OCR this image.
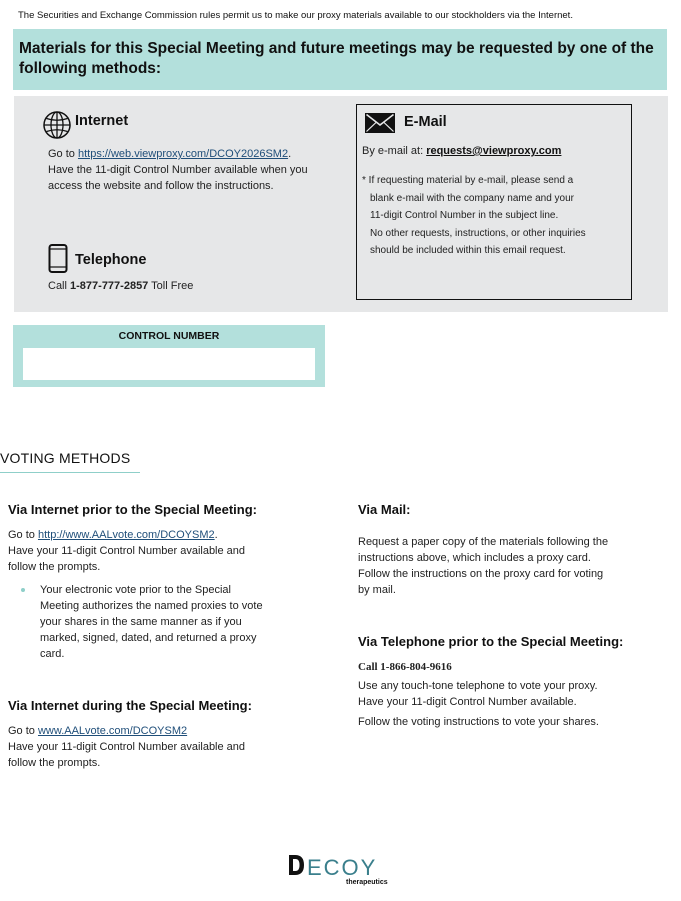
The Securities and Exchange Commission rules permit us to make our proxy materials available to our stockholders via the Internet.
Materials for this Special Meeting and future meetings may be requested by one of the following methods:
Internet
Go to https://web.viewproxy.com/DCOY2026SM2.
Have the 11-digit Control Number available when you
access the website and follow the instructions.
Telephone
Call 1-877-777-2857 Toll Free
E-Mail
By e-mail at: requests@viewproxy.com
* If requesting material by e-mail, please send a
blank e-mail with the company name and your
11-digit Control Number in the subject line.
No other requests, instructions, or other inquiries
should be included within this email request.
CONTROL NUMBER
VOTING METHODS
Via Internet prior to the Special Meeting:
Go to http://www.AALvote.com/DCOYSM2.
Have your 11-digit Control Number available and
follow the prompts.
Your electronic vote prior to the Special
Meeting authorizes the named proxies to vote
your shares in the same manner as if you
marked, signed, dated, and returned a proxy
card.
Via Internet during the Special Meeting:
Go to www.AALvote.com/DCOYSM2
Have your 11-digit Control Number available and
follow the prompts.
Via Mail:
Request a paper copy of the materials following the
instructions above, which includes a proxy card.
Follow the instructions on the proxy card for voting
by mail.
Via Telephone prior to the Special Meeting:
Call 1-866-804-9616
Use any touch-tone telephone to vote your proxy.
Have your 11-digit Control Number available.
Follow the voting instructions to vote your shares.
ECOY
therapeutics
